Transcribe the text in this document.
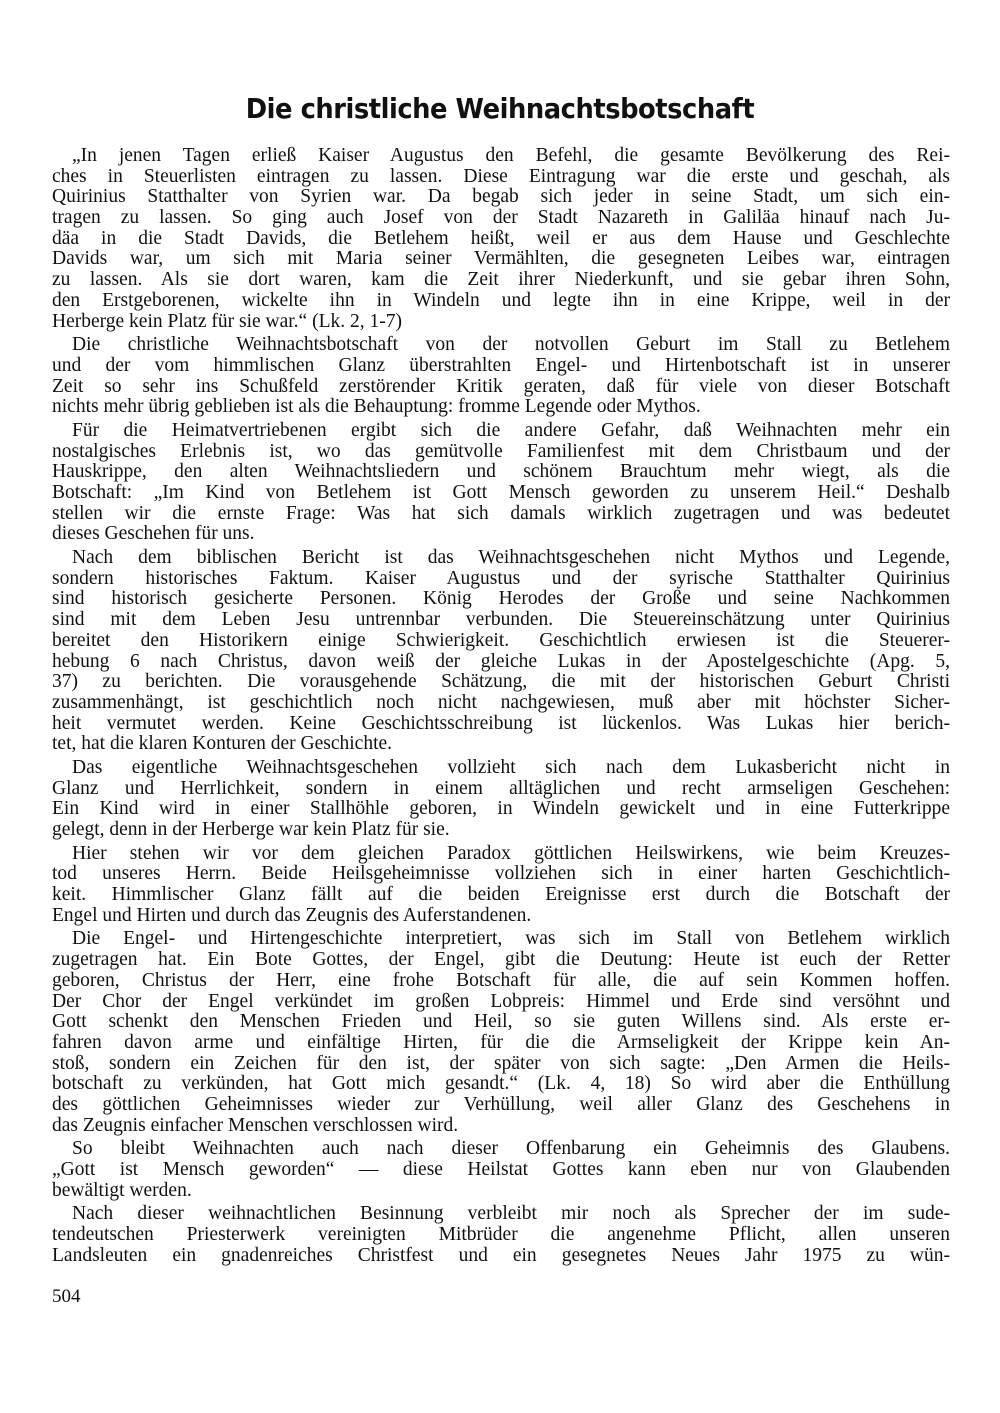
Die christliche Weihnachtsbotschaft
„In jenen Tagen erließ Kaiser Augustus den Befehl, die gesamte Bevölkerung des Rei-
ches in Steuerlisten eintragen zu lassen. Diese Eintragung war die erste und geschah, als
Quirinius Statthalter von Syrien war. Da begab sich jeder in seine Stadt, um sich ein-
tragen zu lassen. So ging auch Josef von der Stadt Nazareth in Galiläa hinauf nach Ju-
däa in die Stadt Davids, die Betlehem heißt, weil er aus dem Hause und Geschlechte
Davids war, um sich mit Maria seiner Vermählten, die gesegneten Leibes war, eintragen
zu lassen. Als sie dort waren, kam die Zeit ihrer Niederkunft, und sie gebar ihren Sohn,
den Erstgeborenen, wickelte ihn in Windeln und legte ihn in eine Krippe, weil in der
Herberge kein Platz für sie war.“ (Lk. 2, 1-7)
Die christliche Weihnachtsbotschaft von der notvollen Geburt im Stall zu Betlehem
und der vom himmlischen Glanz überstrahlten Engel- und Hirtenbotschaft ist in unserer
Zeit so sehr ins Schußfeld zerstörender Kritik geraten, daß für viele von dieser Botschaft
nichts mehr übrig geblieben ist als die Behauptung: fromme Legende oder Mythos.
Für die Heimatvertriebenen ergibt sich die andere Gefahr, daß Weihnachten mehr ein
nostalgisches Erlebnis ist, wo das gemütvolle Familienfest mit dem Christbaum und der
Hauskrippe, den alten Weihnachtsliedern und schönem Brauchtum mehr wiegt, als die
Botschaft: „Im Kind von Betlehem ist Gott Mensch geworden zu unserem Heil.“ Deshalb
stellen wir die ernste Frage: Was hat sich damals wirklich zugetragen und was bedeutet
dieses Geschehen für uns.
Nach dem biblischen Bericht ist das Weihnachtsgeschehen nicht Mythos und Legende,
sondern historisches Faktum. Kaiser Augustus und der syrische Statthalter Quirinius
sind historisch gesicherte Personen. König Herodes der Große und seine Nachkommen
sind mit dem Leben Jesu untrennbar verbunden. Die Steuereinschätzung unter Quirinius
bereitet den Historikern einige Schwierigkeit. Geschichtlich erwiesen ist die Steuerer-
hebung 6 nach Christus, davon weiß der gleiche Lukas in der Apostelgeschichte (Apg. 5,
37) zu berichten. Die vorausgehende Schätzung, die mit der historischen Geburt Christi
zusammenhängt, ist geschichtlich noch nicht nachgewiesen, muß aber mit höchster Sicher-
heit vermutet werden. Keine Geschichtsschreibung ist lückenlos. Was Lukas hier berich-
tet, hat die klaren Konturen der Geschichte.
Das eigentliche Weihnachtsgeschehen vollzieht sich nach dem Lukasbericht nicht in
Glanz und Herrlichkeit, sondern in einem alltäglichen und recht armseligen Geschehen:
Ein Kind wird in einer Stallhöhle geboren, in Windeln gewickelt und in eine Futterkrippe
gelegt, denn in der Herberge war kein Platz für sie.
Hier stehen wir vor dem gleichen Paradox göttlichen Heilswirkens, wie beim Kreuzes-
tod unseres Herrn. Beide Heilsgeheimnisse vollziehen sich in einer harten Geschichtlich-
keit. Himmlischer Glanz fällt auf die beiden Ereignisse erst durch die Botschaft der
Engel und Hirten und durch das Zeugnis des Auferstandenen.
Die Engel- und Hirtengeschichte interpretiert, was sich im Stall von Betlehem wirklich
zugetragen hat. Ein Bote Gottes, der Engel, gibt die Deutung: Heute ist euch der Retter
geboren, Christus der Herr, eine frohe Botschaft für alle, die auf sein Kommen hoffen.
Der Chor der Engel verkündet im großen Lobpreis: Himmel und Erde sind versöhnt und
Gott schenkt den Menschen Frieden und Heil, so sie guten Willens sind. Als erste er-
fahren davon arme und einfältige Hirten, für die die Armseligkeit der Krippe kein An-
stoß, sondern ein Zeichen für den ist, der später von sich sagte: „Den Armen die Heils-
botschaft zu verkünden, hat Gott mich gesandt.“ (Lk. 4, 18) So wird aber die Enthüllung
des göttlichen Geheimnisses wieder zur Verhüllung, weil aller Glanz des Geschehens in
das Zeugnis einfacher Menschen verschlossen wird.
So bleibt Weihnachten auch nach dieser Offenbarung ein Geheimnis des Glaubens.
„Gott ist Mensch geworden“ — diese Heilstat Gottes kann eben nur von Glaubenden
bewältigt werden.
Nach dieser weihnachtlichen Besinnung verbleibt mir noch als Sprecher der im sude-
tendeutschen Priesterwerk vereinigten Mitbrüder die angenehme Pflicht, allen unseren
Landsleuten ein gnadenreiches Christfest und ein gesegnetes Neues Jahr 1975 zu wün-
504
